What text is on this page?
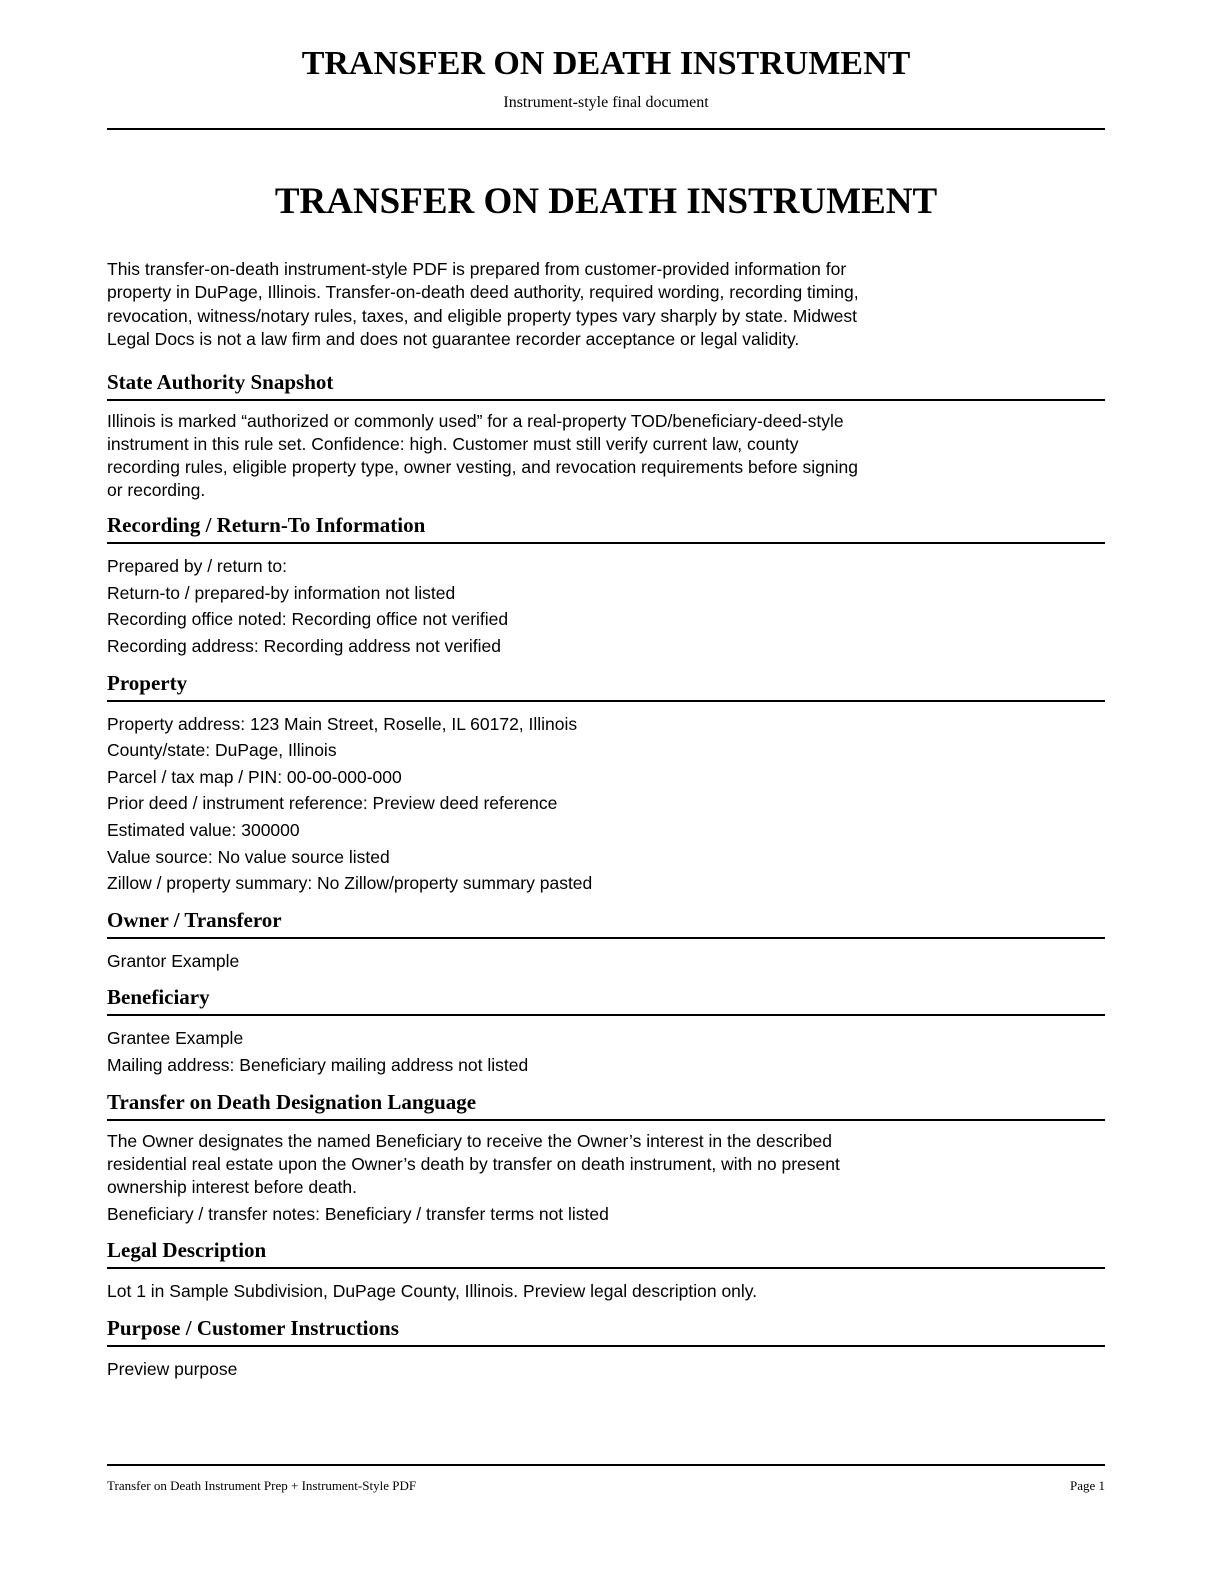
TRANSFER ON DEATH INSTRUMENT
Instrument-style final document
TRANSFER ON DEATH INSTRUMENT
This transfer-on-death instrument-style PDF is prepared from customer-provided information for property in DuPage, Illinois. Transfer-on-death deed authority, required wording, recording timing, revocation, witness/notary rules, taxes, and eligible property types vary sharply by state. Midwest Legal Docs is not a law firm and does not guarantee recorder acceptance or legal validity.
State Authority Snapshot
Illinois is marked “authorized or commonly used” for a real-property TOD/beneficiary-deed-style instrument in this rule set. Confidence: high. Customer must still verify current law, county recording rules, eligible property type, owner vesting, and revocation requirements before signing or recording.
Recording / Return-To Information
Prepared by / return to:
Return-to / prepared-by information not listed
Recording office noted: Recording office not verified
Recording address: Recording address not verified
Property
Property address: 123 Main Street, Roselle, IL 60172, Illinois
County/state: DuPage, Illinois
Parcel / tax map / PIN: 00-00-000-000
Prior deed / instrument reference: Preview deed reference
Estimated value: 300000
Value source: No value source listed
Zillow / property summary: No Zillow/property summary pasted
Owner / Transferor
Grantor Example
Beneficiary
Grantee Example
Mailing address: Beneficiary mailing address not listed
Transfer on Death Designation Language
The Owner designates the named Beneficiary to receive the Owner’s interest in the described residential real estate upon the Owner’s death by transfer on death instrument, with no present ownership interest before death.
Beneficiary / transfer notes: Beneficiary / transfer terms not listed
Legal Description
Lot 1 in Sample Subdivision, DuPage County, Illinois. Preview legal description only.
Purpose / Customer Instructions
Preview purpose
Transfer on Death Instrument Prep + Instrument-Style PDF	Page 1
